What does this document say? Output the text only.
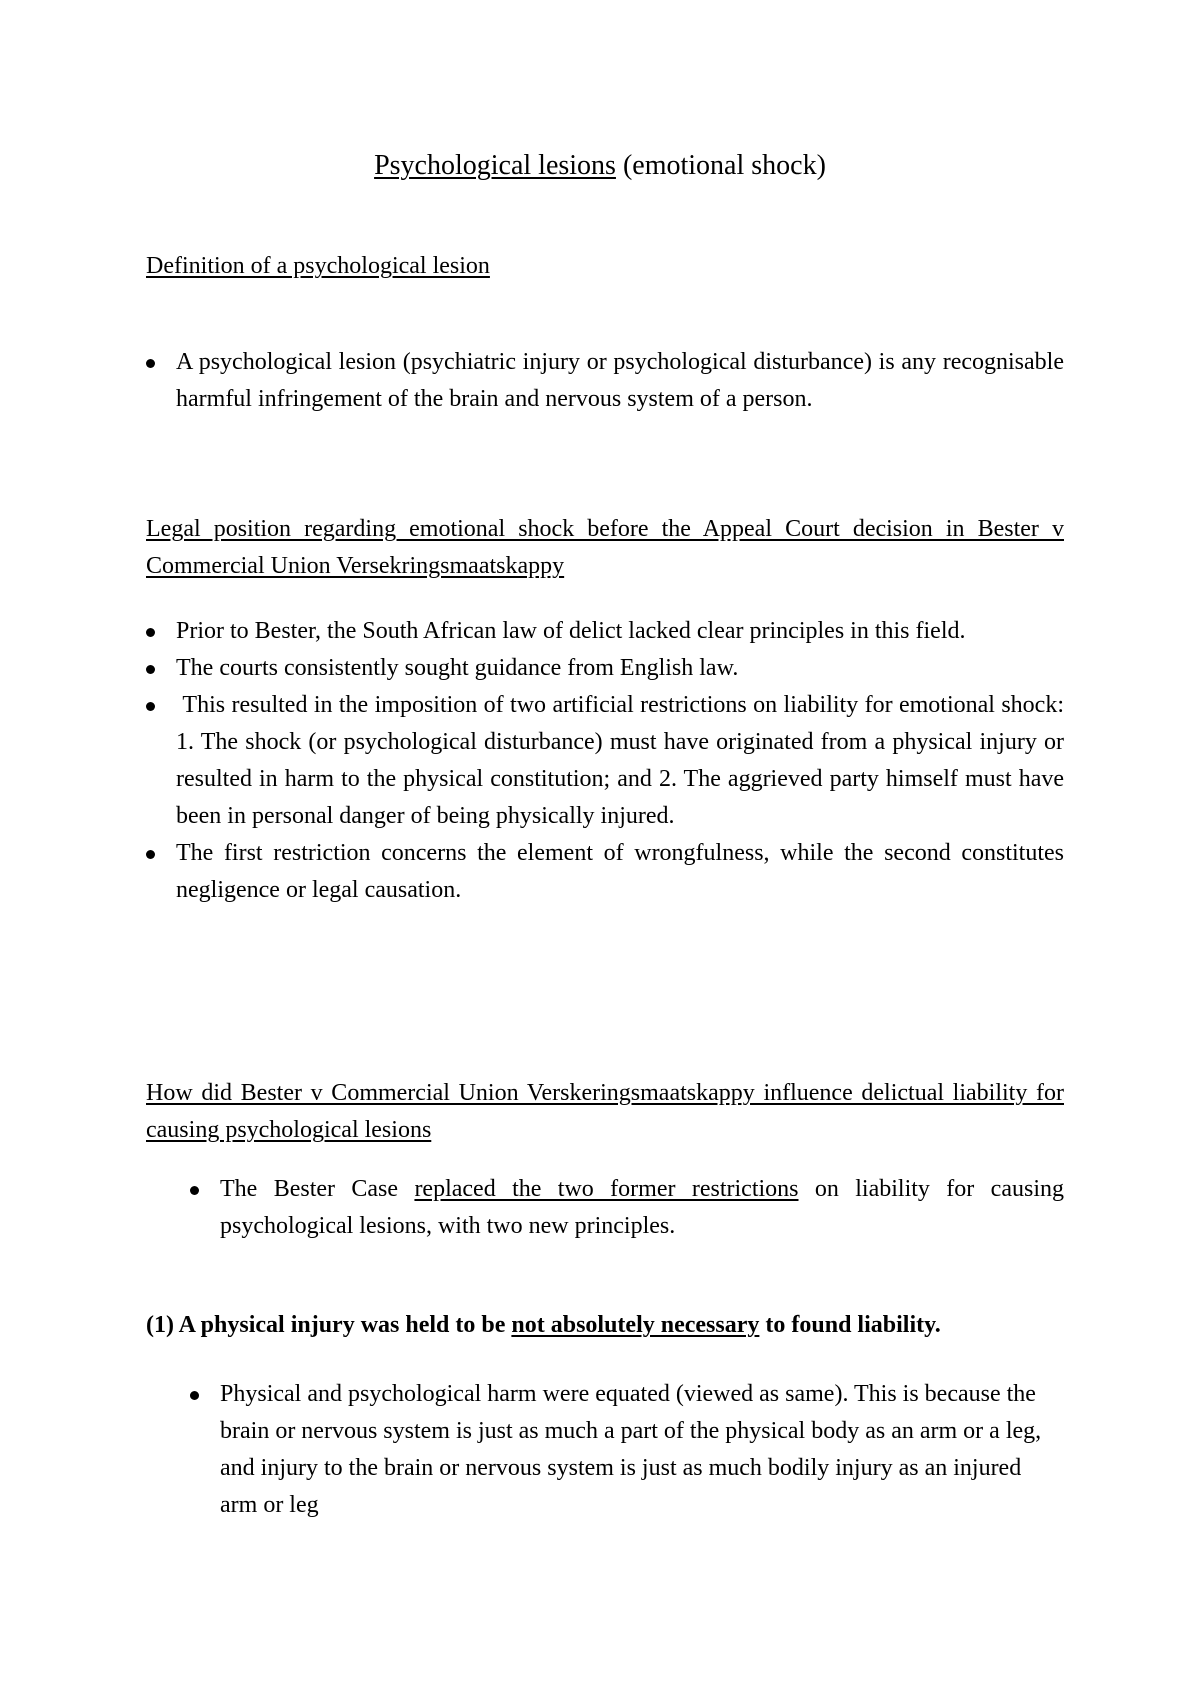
Psychological lesions (emotional shock)
Definition of a psychological lesion
A psychological lesion (psychiatric injury or psychological disturbance) is any recognisable harmful infringement of the brain and nervous system of a person.
Legal position regarding emotional shock before the Appeal Court decision in Bester v Commercial Union Versekringsmaatskappy
Prior to Bester, the South African law of delict lacked clear principles in this field.
The courts consistently sought guidance from English law.
This resulted in the imposition of two artificial restrictions on liability for emotional shock: 1. The shock (or psychological disturbance) must have originated from a physical injury or resulted in harm to the physical constitution; and 2. The aggrieved party himself must have been in personal danger of being physically injured.
The first restriction concerns the element of wrongfulness, while the second constitutes negligence or legal causation.
How did Bester v Commercial Union Verskeringsmaatskappy influence delictual liability for causing psychological lesions
The Bester Case replaced the two former restrictions on liability for causing psychological lesions, with two new principles.
(1) A physical injury was held to be not absolutely necessary to found liability.
Physical and psychological harm were equated (viewed as same). This is because the brain or nervous system is just as much a part of the physical body as an arm or a leg, and injury to the brain or nervous system is just as much bodily injury as an injured arm or leg
